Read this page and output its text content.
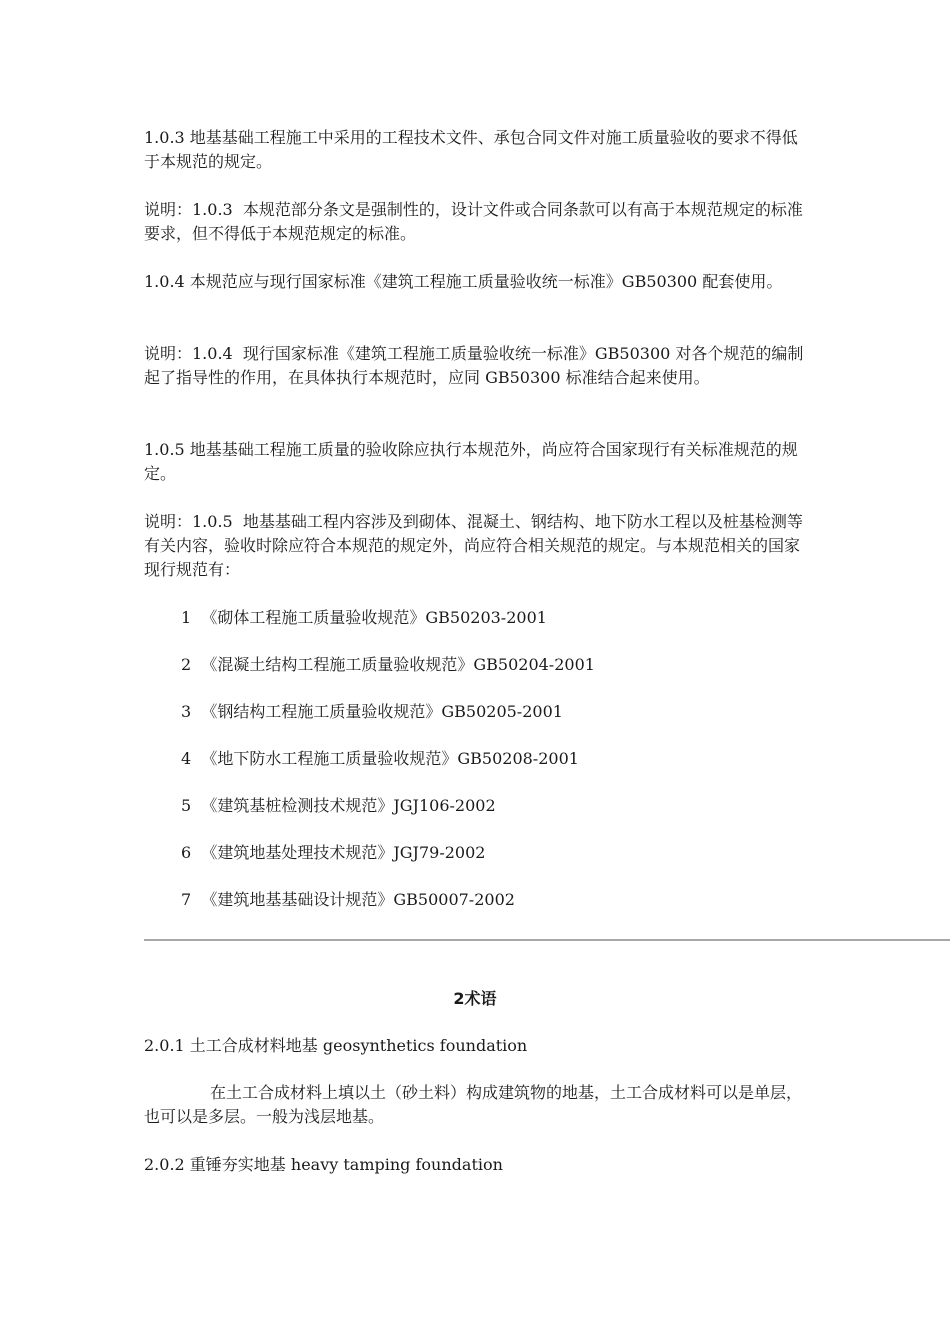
1.0.3 地基基础工程施工中采用的工程技术文件、承包合同文件对施工质量验收的要求不得低于本规范的规定。

说明：1.0.3  本规范部分条文是强制性的，设计文件或合同条款可以有高于本规范规定的标准要求，但不得低于本规范规定的标准。

1.0.4 本规范应与现行国家标准《建筑工程施工质量验收统一标准》GB50300 配套使用。

说明：1.0.4  现行国家标准《建筑工程施工质量验收统一标准》GB50300 对各个规范的编制起了指导性的作用，在具体执行本规范时，应同 GB50300 标准结合起来使用。

1.0.5 地基基础工程施工质量的验收除应执行本规范外，尚应符合国家现行有关标准规范的规定。

说明：1.0.5  地基基础工程内容涉及到砌体、混凝土、钢结构、地下防水工程以及桩基检测等有关内容，验收时除应符合本规范的规定外，尚应符合相关规范的规定。与本规范相关的国家现行规范有：

1 《砌体工程施工质量验收规范》GB50203-2001
2 《混凝土结构工程施工质量验收规范》GB50204-2001
3 《钢结构工程施工质量验收规范》GB50205-2001
4 《地下防水工程施工质量验收规范》GB50208-2001
5 《建筑基桩检测技术规范》JGJ106-2002
6 《建筑地基处理技术规范》JGJ79-2002
7 《建筑地基基础设计规范》GB50007-2002
2术语

2.0.1 土工合成材料地基 geosynthetics foundation

在土工合成材料上填以土（砂土料）构成建筑物的地基，土工合成材料可以是单层，也可以是多层。一般为浅层地基。

2.0.2 重锤夯实地基 heavy tamping foundation
